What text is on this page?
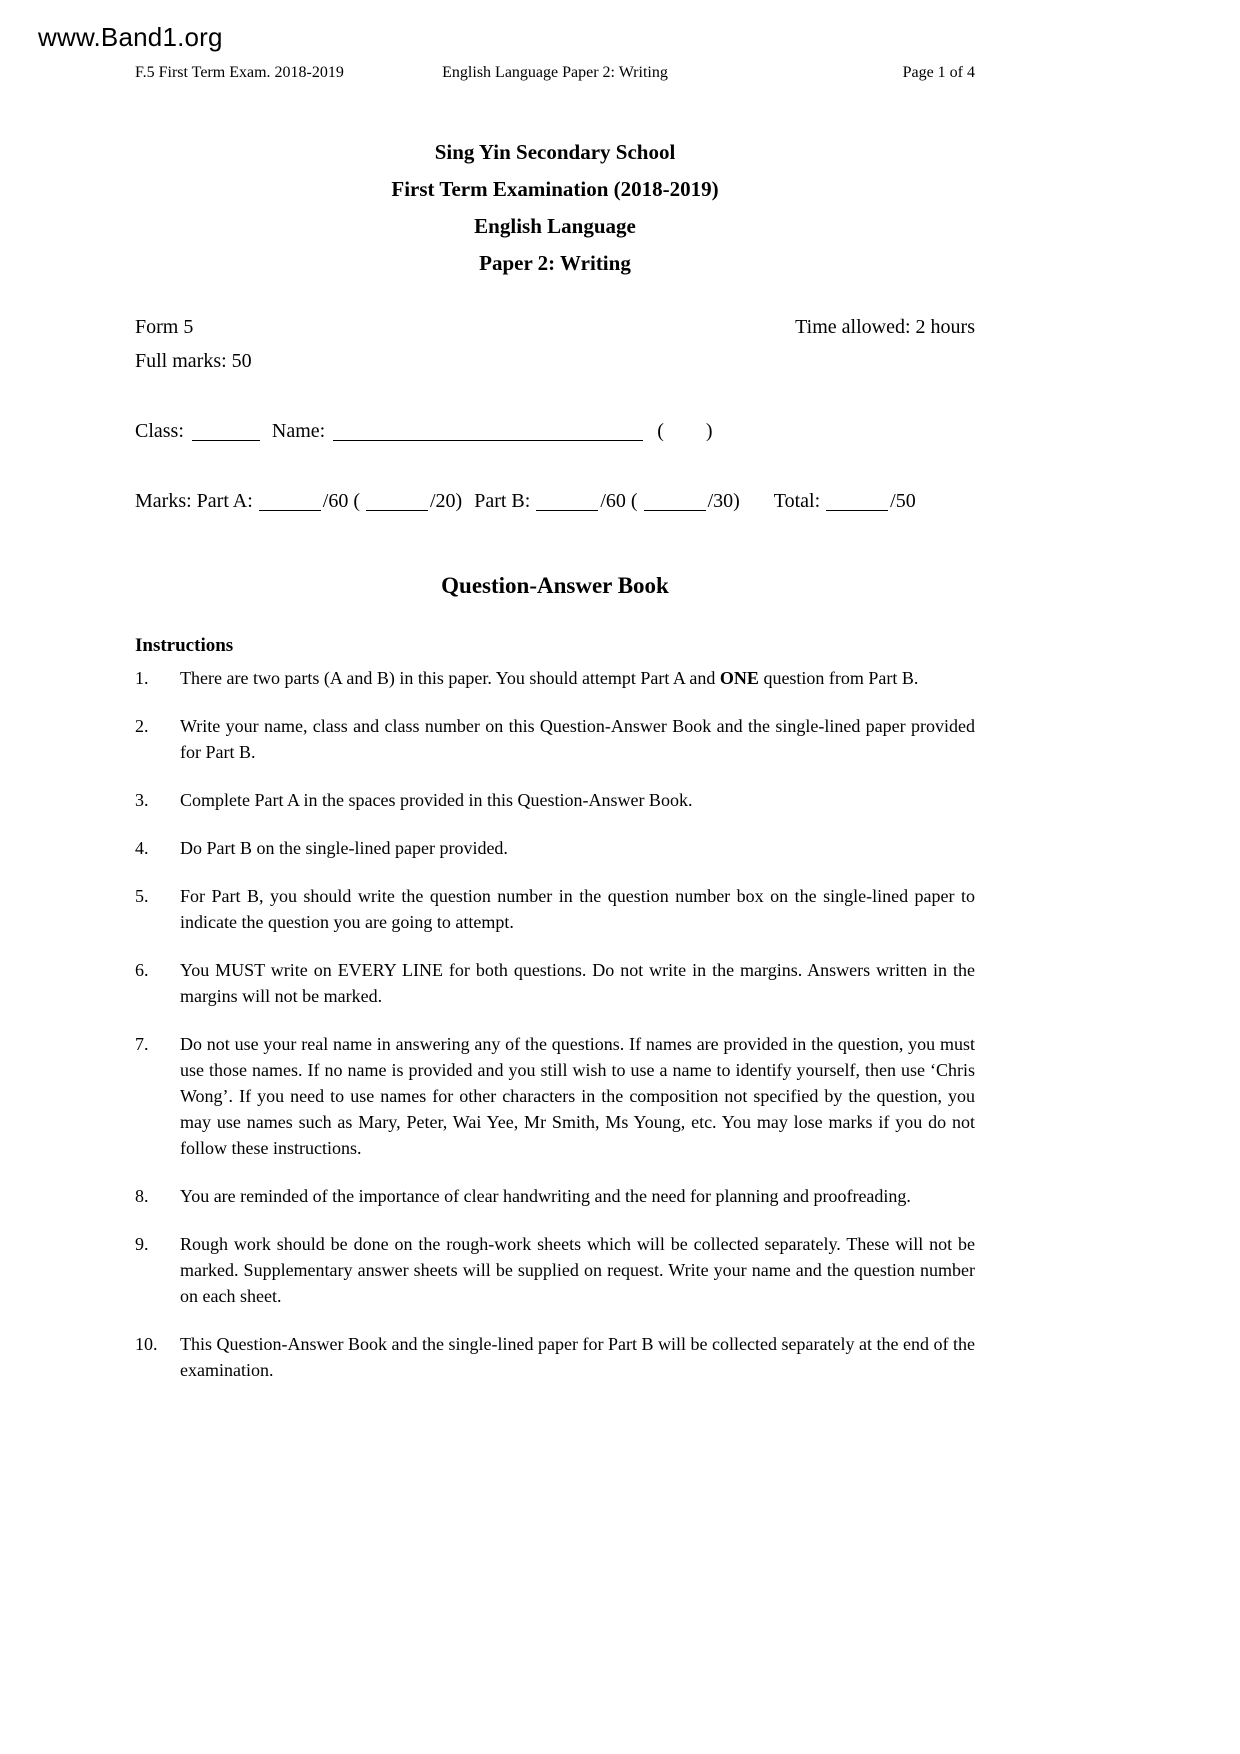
www.Band1.org
F.5 First Term Exam. 2018-2019	English Language Paper 2: Writing	Page 1 of 4
Sing Yin Secondary School
First Term Examination (2018-2019)
English Language
Paper 2: Writing
Form 5	Time allowed: 2 hours
Full marks: 50
Class:	Name:	( )
Marks: Part A:	/60 (	/20) Part B:	/60 (	/30) Total:	/50
Question-Answer Book
Instructions
1.	There are two parts (A and B) in this paper. You should attempt Part A and ONE question from Part B.
2.	Write your name, class and class number on this Question-Answer Book and the single-lined paper provided for Part B.
3.	Complete Part A in the spaces provided in this Question-Answer Book.
4.	Do Part B on the single-lined paper provided.
5.	For Part B, you should write the question number in the question number box on the single-lined paper to indicate the question you are going to attempt.
6.	You MUST write on EVERY LINE for both questions. Do not write in the margins. Answers written in the margins will not be marked.
7.	Do not use your real name in answering any of the questions. If names are provided in the question, you must use those names. If no name is provided and you still wish to use a name to identify yourself, then use ‘Chris Wong’. If you need to use names for other characters in the composition not specified by the question, you may use names such as Mary, Peter, Wai Yee, Mr Smith, Ms Young, etc. You may lose marks if you do not follow these instructions.
8.	You are reminded of the importance of clear handwriting and the need for planning and proofreading.
9.	Rough work should be done on the rough-work sheets which will be collected separately. These will not be marked. Supplementary answer sheets will be supplied on request. Write your name and the question number on each sheet.
10.	This Question-Answer Book and the single-lined paper for Part B will be collected separately at the end of the examination.
